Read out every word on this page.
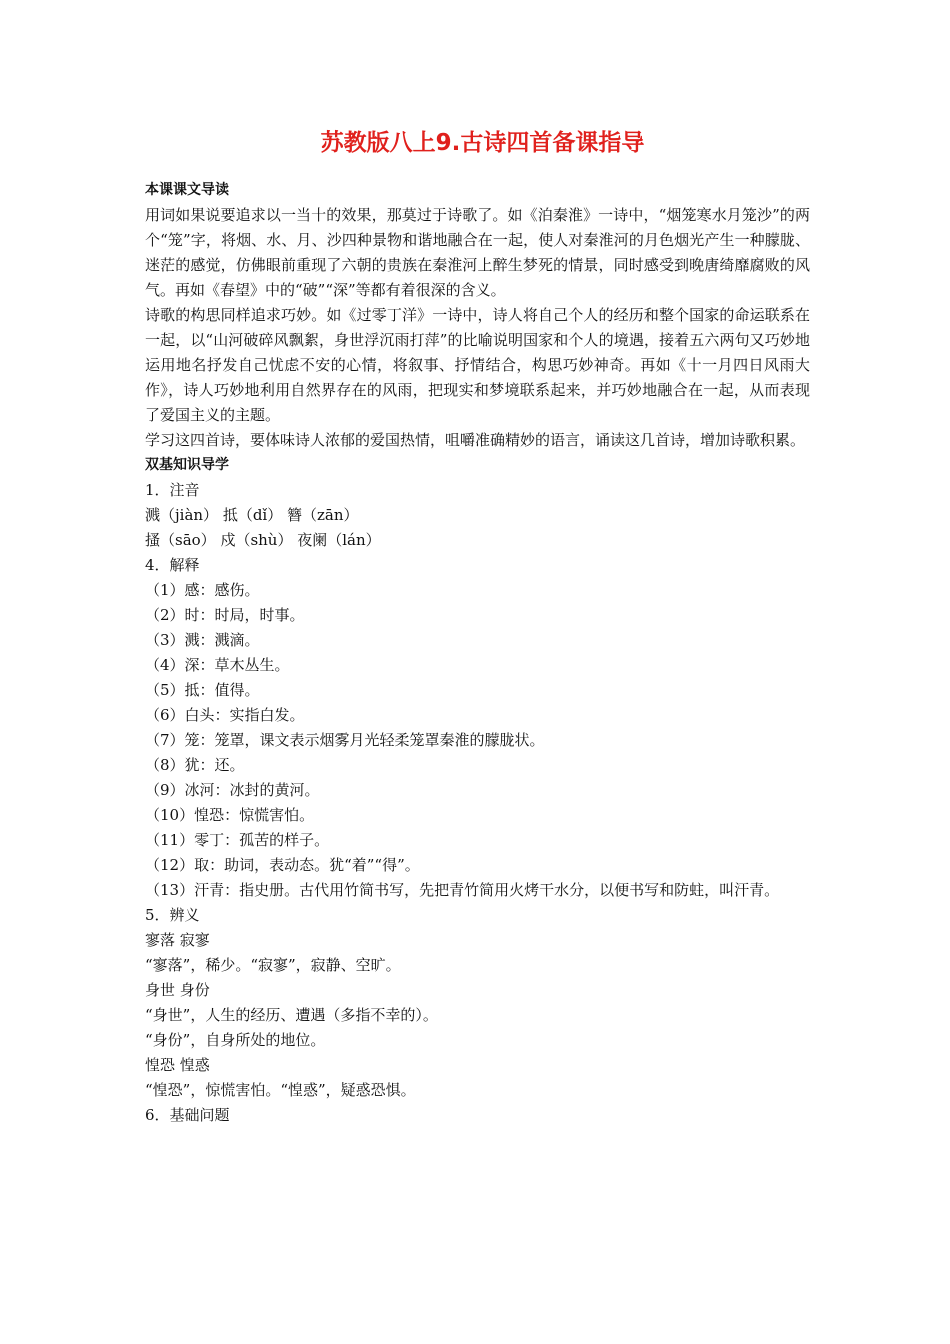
苏教版八上9.古诗四首备课指导
本课课文导读
用词如果说要追求以一当十的效果，那莫过于诗歌了。如《泊秦淮》一诗中，“烟笼寒水月笼沙”的两个“笼”字，将烟、水、月、沙四种景物和谐地融合在一起，使人对秦淮河的月色烟光产生一种朦胧、迷茫的感觉，仿佛眼前重现了六朝的贵族在秦淮河上醉生梦死的情景，同时感受到晚唐绮靡腐败的风气。再如《春望》中的“破”“深”等都有着很深的含义。
诗歌的构思同样追求巧妙。如《过零丁洋》一诗中，诗人将自己个人的经历和整个国家的命运联系在一起，以“山河破碎风飘絮，身世浮沉雨打萍”的比喻说明国家和个人的境遇，接着五六两句又巧妙地运用地名抒发自己忧虑不安的心情，将叙事、抒情结合，构思巧妙神奇。再如《十一月四日风雨大作》，诗人巧妙地利用自然界存在的风雨，把现实和梦境联系起来，并巧妙地融合在一起，从而表现了爱国主义的主题。
学习这四首诗，要体味诗人浓郁的爱国热情，咀嚼准确精妙的语言，诵读这几首诗，增加诗歌积累。
双基知识导学
1．注音
溅（jiàn） 抵（dǐ） 簪（zān）
搔（sāo） 戍（shù） 夜阑（lán）
4．解释
（1）感：感伤。
（2）时：时局，时事。
（3）溅：溅滴。
（4）深：草木丛生。
（5）抵：值得。
（6）白头：实指白发。
（7）笼：笼罩，课文表示烟雾月光轻柔笼罩秦淮的朦胧状。
（8）犹：还。
（9）冰河：冰封的黄河。
（10）惶恐：惊慌害怕。
（11）零丁：孤苦的样子。
（12）取：助词，表动态。犹“着”“得”。
（13）汗青：指史册。古代用竹简书写，先把青竹简用火烤干水分，以便书写和防蛀，叫汗青。
5．辨义
寥落 寂寥
“寥落”，稀少。“寂寥”，寂静、空旷。
身世 身份
“身世”，人生的经历、遭遇（多指不幸的）。
“身份”，自身所处的地位。
惶恐 惶惑
“惶恐”，惊慌害怕。“惶惑”，疑惑恐惧。
6．基础问题
